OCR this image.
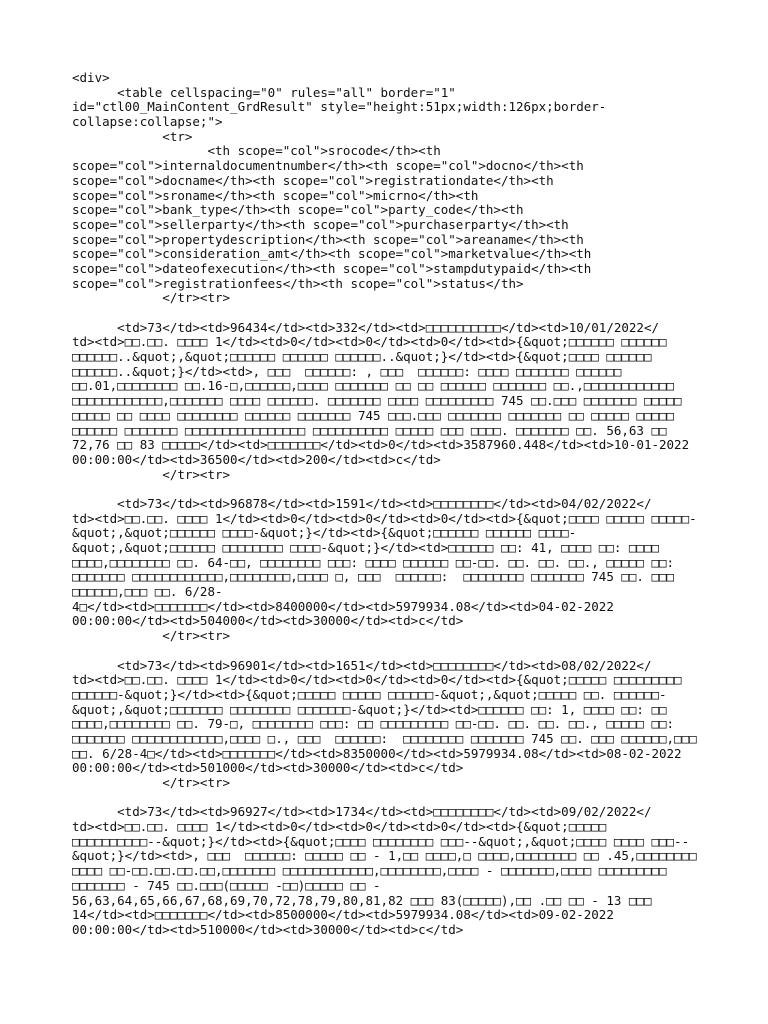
<div>
<table cellspacing="0" rules="all" border="1"
id="ctl00_MainContent_GrdResult" style="height:51px;width:126px;border-
collapse:collapse;">
<tr>
<th scope="col">srocode</th><th
scope="col">internaldocumentnumber</th><th scope="col">docno</th><th
scope="col">docname</th><th scope="col">registrationdate</th><th
scope="col">sroname</th><th scope="col">micrno</th><th
scope="col">bank_type</th><th scope="col">party_code</th><th
scope="col">sellerparty</th><th scope="col">purchaserparty</th><th
scope="col">propertydescription</th><th scope="col">areaname</th><th
scope="col">consideration_amt</th><th scope="col">marketvalue</th><th
scope="col">dateofexecution</th><th scope="col">stampdutypaid</th><th
scope="col">registrationfees</th><th scope="col">status</th>
</tr><tr>
<td>73</td><td>96434</td><td>332</td><td>□□□□□□□□□□</td><td>10/01/2022</
td><td>□□.□□. □□□□ 1</td><td>0</td><td>0</td><td>0</td><td>{&quot;□□□□□□ □□□□□□
□□□□□□..&quot;,&quot;□□□□□□ □□□□□□ □□□□□□..&quot;}</td><td>{&quot;□□□□ □□□□□□
□□□□□□..&quot;}</td><td>, □□□  □□□□□□: , □□□  □□□□□□: □□□□ □□□□□□□ □□□□□□
□□.01,□□□□□□□□ □□.16-□,□□□□□□,□□□□ □□□□□□□ □□ □□ □□□□□□ □□□□□□□ □□.,□□□□□□□□□□□□
□□□□□□□□□□□□,□□□□□□□ □□□□ □□□□□□. □□□□□□□ □□□□ □□□□□□□□□ 745 □□.□□□ □□□□□□□ □□□□□
□□□□□ □□ □□□□ □□□□□□□□ □□□□□□ □□□□□□□ 745 □□□.□□□ □□□□□□□ □□□□□□□ □□ □□□□□ □□□□□
□□□□□□ □□□□□□□ □□□□□□□□□□□□□□□□ □□□□□□□□□□ □□□□□ □□□ □□□□. □□□□□□□ □□. 56,63 □□
72,76 □□ 83 □□□□□</td><td>□□□□□□□</td><td>0</td><td>3587960.448</td><td>10-01-2022
00:00:00</td><td>36500</td><td>200</td><td>c</td>
</tr><tr>
<td>73</td><td>96878</td><td>1591</td><td>□□□□□□□□</td><td>04/02/2022</
td><td>□□.□□. □□□□ 1</td><td>0</td><td>0</td><td>0</td><td>{&quot;□□□□ □□□□□ □□□□□-
&quot;,&quot;□□□□□□ □□□□-&quot;}</td><td>{&quot;□□□□□□ □□□□□□ □□□□-
&quot;,&quot;□□□□□□ □□□□□□□□ □□□□-&quot;}</td><td>□□□□□□ □□: 41, □□□□ □□: □□□□
□□□□,□□□□□□□□ □□. 64-□□, □□□□□□□□ □□□: □□□□ □□□□□□ □□-□□. □□. □□. □□., □□□□□ □□:
□□□□□□□ □□□□□□□□□□□□,□□□□□□□□,□□□□ □, □□□  □□□□□□:  □□□□□□□□ □□□□□□□ 745 □□. □□□
□□□□□□,□□□ □□. 6/28-
4□</td><td>□□□□□□□</td><td>8400000</td><td>5979934.08</td><td>04-02-2022
00:00:00</td><td>504000</td><td>30000</td><td>c</td>
</tr><tr>
<td>73</td><td>96901</td><td>1651</td><td>□□□□□□□□</td><td>08/02/2022</
td><td>□□.□□. □□□□ 1</td><td>0</td><td>0</td><td>0</td><td>{&quot;□□□□□ □□□□□□□□□
□□□□□□-&quot;}</td><td>{&quot;□□□□□ □□□□□ □□□□□□-&quot;,&quot;□□□□□ □□. □□□□□□-
&quot;,&quot;□□□□□□□ □□□□□□□□ □□□□□□□-&quot;}</td><td>□□□□□□ □□: 1, □□□□ □□: □□
□□□□,□□□□□□□□ □□. 79-□, □□□□□□□□ □□□: □□ □□□□□□□□□ □□-□□. □□. □□. □□., □□□□□ □□:
□□□□□□□ □□□□□□□□□□□□,□□□□ □., □□□  □□□□□□:  □□□□□□□□ □□□□□□□ 745 □□. □□□ □□□□□□,□□□
□□. 6/28-4□</td><td>□□□□□□□</td><td>8350000</td><td>5979934.08</td><td>08-02-2022
00:00:00</td><td>501000</td><td>30000</td><td>c</td>
</tr><tr>
<td>73</td><td>96927</td><td>1734</td><td>□□□□□□□□</td><td>09/02/2022</
td><td>□□.□□. □□□□ 1</td><td>0</td><td>0</td><td>0</td><td>{&quot;□□□□□
□□□□□□□□□□--&quot;}</td><td>{&quot;□□□□ □□□□□□□□ □□□--&quot;,&quot;□□□□ □□□□ □□□--
&quot;}</td><td>, □□□  □□□□□□: □□□□□ □□ - 1,□□ □□□□,□ □□□□,□□□□□□□□ □□ .45,□□□□□□□□
□□□□ □□-□□.□□.□□.□□,□□□□□□□ □□□□□□□□□□□□,□□□□□□□□,□□□□ - □□□□□□□,□□□□ □□□□□□□□□
□□□□□□□ - 745 □□.□□□(□□□□□ -□□)□□□□□ □□ -
56,63,64,65,66,67,68,69,70,72,78,79,80,81,82 □□□ 83(□□□□□),□□ .□□ □□ - 13 □□□
14</td><td>□□□□□□□</td><td>8500000</td><td>5979934.08</td><td>09-02-2022
00:00:00</td><td>510000</td><td>30000</td><td>c</td>
